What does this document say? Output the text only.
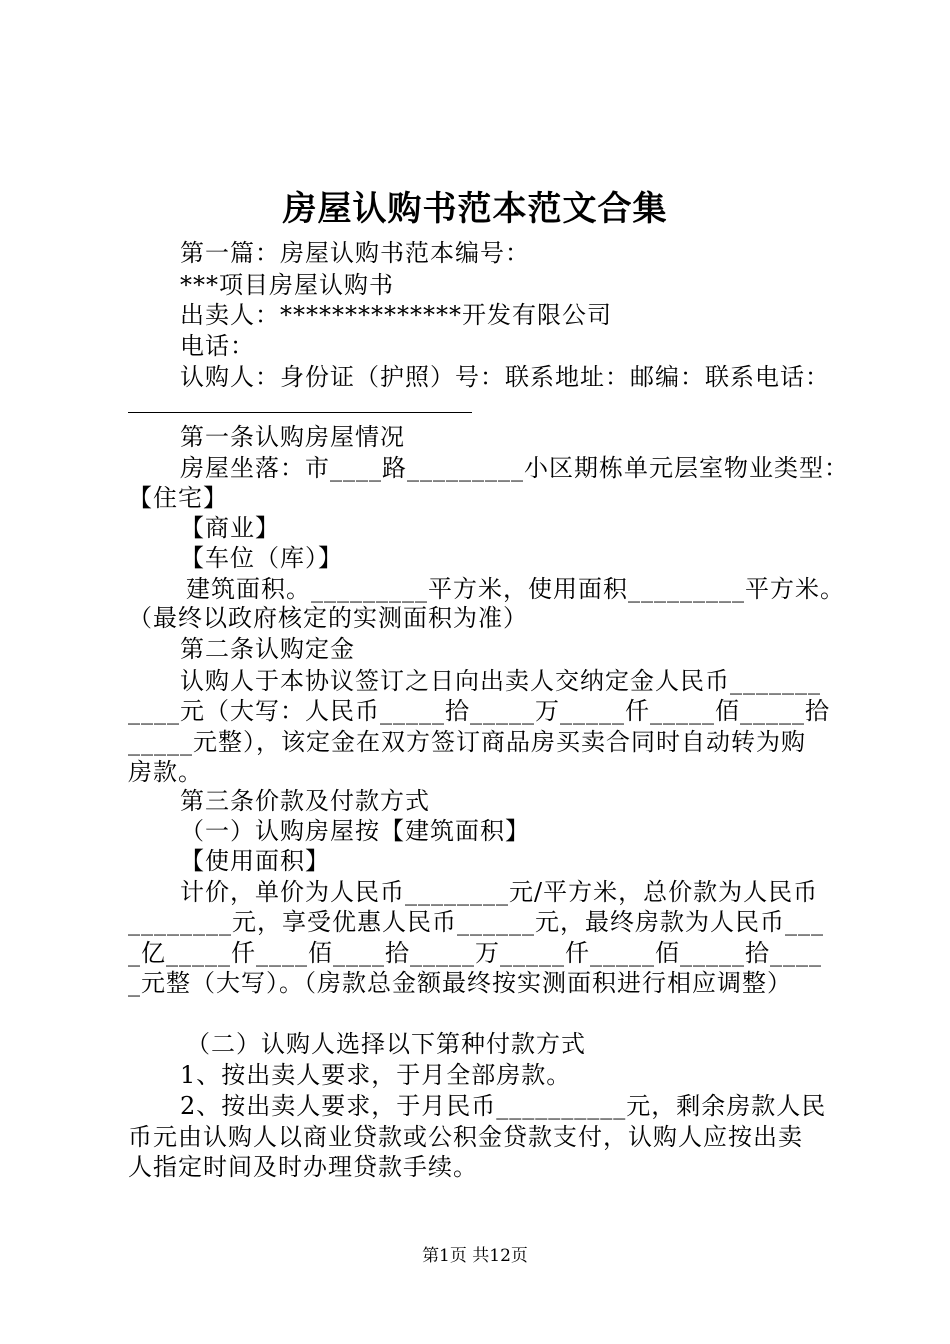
房屋认购书范本范文合集
第一篇：房屋认购书范本编号：
***项目房屋认购书
出卖人：**************开发有限公司
电话：
认购人：身份证（护照）号：联系地址：邮编：联系电话：
第一条认购房屋情况
房屋坐落：市____路_________小区期栋单元层室物业类型：
【住宅】
【商业】
【车位（库）】
建筑面积。_________平方米，使用面积_________平方米。
（最终以政府核定的实测面积为准）
第二条认购定金
认购人于本协议签订之日向出卖人交纳定金人民币_______
____元（大写：人民币_____拾_____万_____仟_____佰_____拾
_____元整），该定金在双方签订商品房买卖合同时自动转为购
房款。
第三条价款及付款方式
（一）认购房屋按【建筑面积】
【使用面积】
计价，单价为人民币________元/平方米，总价款为人民币
________元，享受优惠人民币______元，最终房款为人民币___
_亿_____仟____佰____拾_____万_____仟_____佰_____拾____
_元整（大写）。（房款总金额最终按实测面积进行相应调整）
（二）认购人选择以下第种付款方式
1、按出卖人要求，于月全部房款。
2、按出卖人要求，于月民币__________元，剩余房款人民
币元由认购人以商业贷款或公积金贷款支付，认购人应按出卖
人指定时间及时办理贷款手续。
第1页 共12页
